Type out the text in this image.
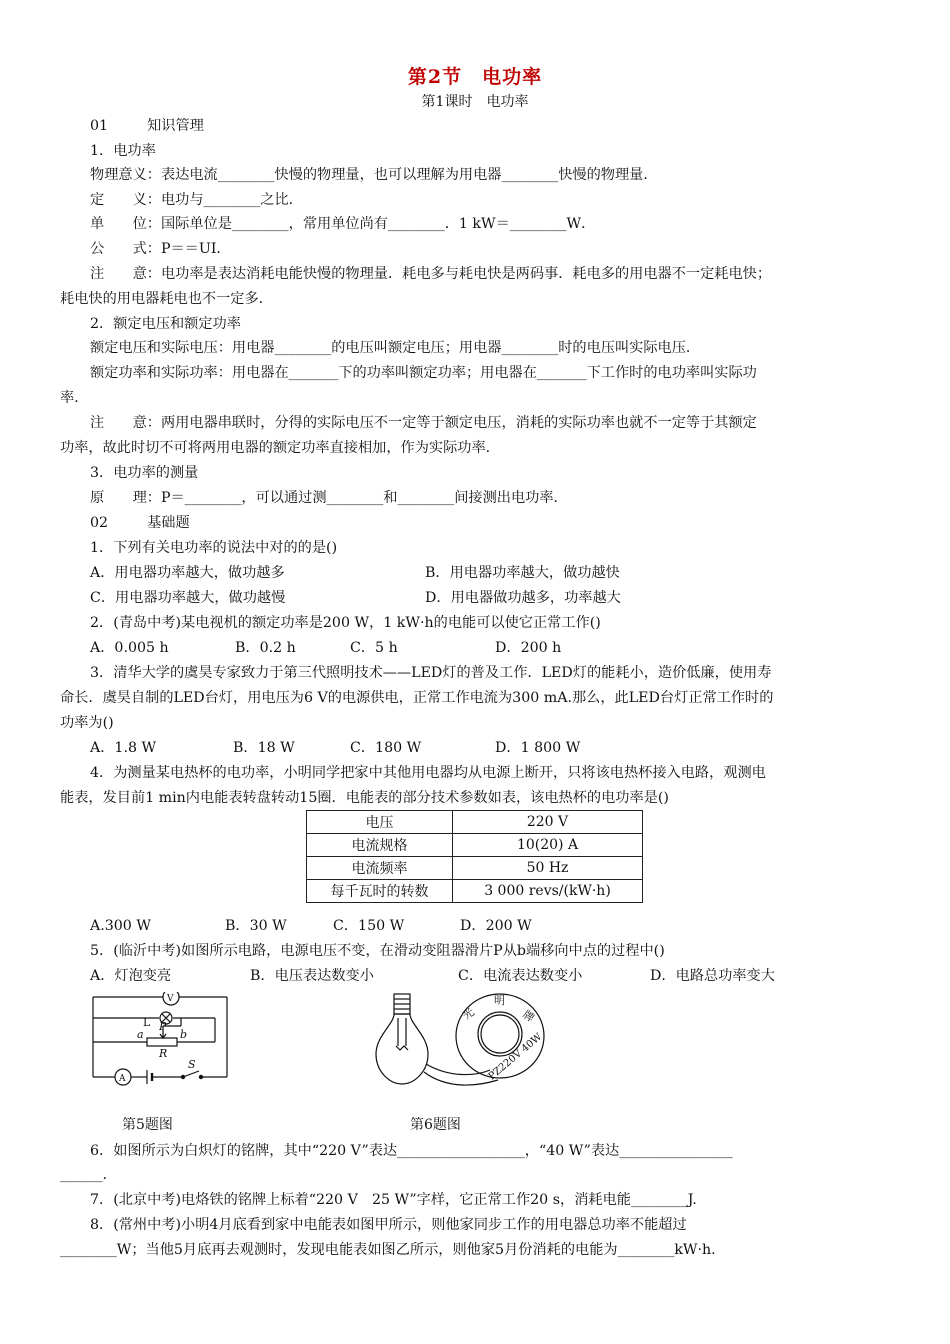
第2节　电功率
第1课时　电功率
01	知识管理
1．电功率
物理意义：表达电流________快慢的物理量，也可以理解为用电器________快慢的物理量．
定　　义：电功与________之比．
单　　位：国际单位是________，常用单位尚有________．1 kW＝________W．
公　　式：P＝＝UI．
注　　意：电功率是表达消耗电能快慢的物理量．耗电多与耗电快是两码事．耗电多的用电器不一定耗电快；
耗电快的用电器耗电也不一定多．
2．额定电压和额定功率
额定电压和实际电压：用电器________的电压叫额定电压；用电器________时的电压叫实际电压．
额定功率和实际功率：用电器在_______下的功率叫额定功率；用电器在_______下工作时的电功率叫实际功
率．
注　　意：两用电器串联时，分得的实际电压不一定等于额定电压，消耗的实际功率也就不一定等于其额定
功率，故此时切不可将两用电器的额定功率直接相加，作为实际功率．
3．电功率的测量
原　　理：P＝________，可以通过测________和________间接测出电功率．
02	基础题
1．下列有关电功率的说法中对的的是()
A．用电器功率越大，做功越多	B．用电器功率越大，做功越快
C．用电器功率越大，做功越慢	D．用电器做功越多，功率越大
2．(青岛中考)某电视机的额定功率是200 W，1 kW·h的电能可以使它正常工作()
A．0.005 h	B．0.2 h	C．5 h	D．200 h
3．清华大学的虞昊专家致力于第三代照明技术——LED灯的普及工作．LED灯的能耗小，造价低廉，使用寿
命长．虞昊自制的LED台灯，用电压为6 V的电源供电，正常工作电流为300 mA.那么，此LED台灯正常工作时的
功率为()
A．1.8 W	B．18 W	C．180 W	D．1 800 W
4．为测量某电热杯的电功率，小明同学把家中其他用电器均从电源上断开，只将该电热杯接入电路，观测电
能表，发目前1 min内电能表转盘转动15圈．电能表的部分技术参数如表，该电热杯的电功率是()
电压	220 V
电流规格	10(20) A
电流频率	50 Hz
每千瓦时的转数	3 000 revs/(kW·h)
A.300 W	B．30 W	C．150 W	D．200 W
5．(临沂中考)如图所示电路，电源电压不变，在滑动变阻器滑片P从b端移向中点的过程中()
A．灯泡变亮	B．电压表达数变小	C．电流表达数变小	D．电路总功率变大
V
L
a
P
b
R
S
A
光
明
牌
PZ220V 40W
第5题图	第6题图
6．如图所示为白炽灯的铭牌，其中“220 V”表达__________________，“40 W”表达________________
______．
7．(北京中考)电烙铁的铭牌上标着“220 V　25 W”字样，它正常工作20 s，消耗电能________J.
8．(常州中考)小明4月底看到家中电能表如图甲所示，则他家同步工作的用电器总功率不能超过
________W；当他5月底再去观测时，发现电能表如图乙所示，则他家5月份消耗的电能为________kW·h.
